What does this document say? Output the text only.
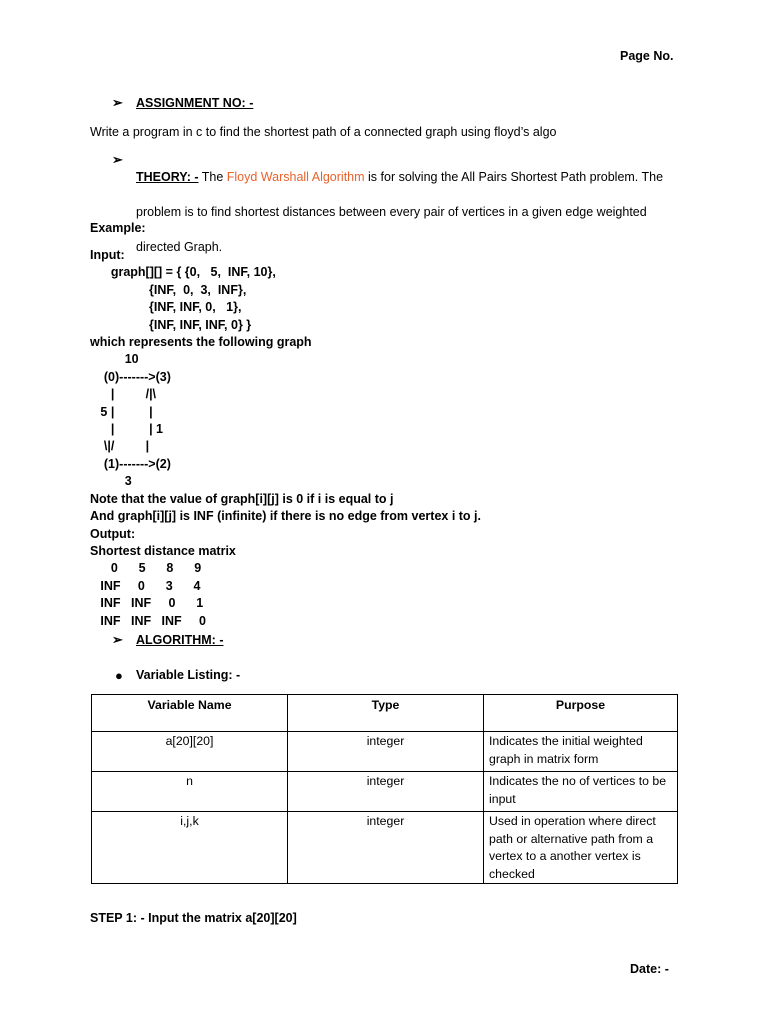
Page No.
➢ ASSIGNMENT NO: -
Write a program in c to find the shortest path of a connected graph using floyd’s algo
➢

THEORY: - The Floyd Warshall Algorithm is for solving the All Pairs Shortest Path problem. The

problem is to find shortest distances between every pair of vertices in a given edge weighted

directed Graph.

Example:
Input:
graph[][] = { {0,   5,  INF, 10},
{INF,  0,  3,  INF},
{INF, INF, 0,   1},
{INF, INF, INF, 0} }
which represents the following graph
10
(0)------->(3)
|         /|\
5 |          |
|          | 1
\|/         |
(1)------->(2)
3
Note that the value of graph[i][j] is 0 if i is equal to j
And graph[i][j] is INF (infinite) if there is no edge from vertex i to j.
Output:
Shortest distance matrix
0      5      8      9
INF     0      3      4
INF   INF     0      1
INF   INF   INF     0
➢ ALGORITHM: -
● Variable Listing: -
Variable Name	Type	Purpose
a[20][20]	integer	Indicates the initial weighted graph in matrix form
n	integer	Indicates the no of vertices to be input
i,j,k	integer	Used in operation where direct path or alternative path from a vertex to a another vertex is checked
STEP 1: - Input the matrix a[20][20]
Date: -
